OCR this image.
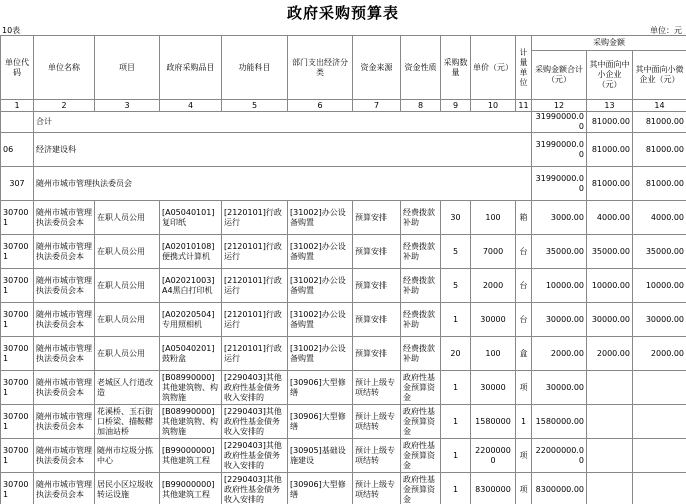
政府采购预算表
10表	单位：元
单位代码	单位名称	项目	政府采购品目	功能科目	部门支出经济分类	资金来源	资金性质	采购数量	单价（元）	计量单位	采购金额		
											采购金额合计（元）	其中面向中小企业（元）	其中面向小微企业（元）
1	2	3	4	5	6	7	8	9	10	11	12	13	14
	合计										31990000.00	81000.00	81000.00
06	经济建设科										31990000.00	81000.00	81000.00
307	随州市城市管理执法委员会										31990000.00	81000.00	81000.00

307001	随州市城市管理执法委员会本	在职人员公用	[A05040101]复印纸	[2120101]行政运行	[31002]办公设备购置	预算安排	经费拨款补助	30	100	箱	3000.00	4000.00	4000.00

307001	随州市城市管理执法委员会本	在职人员公用	[A02010108]便携式计算机	[2120101]行政运行	[31002]办公设备购置	预算安排	经费拨款补助	5	7000	台	35000.00	35000.00	35000.00

307001	随州市城市管理执法委员会本	在职人员公用	[A02021003]A4黑白打印机	[2120101]行政运行	[31002]办公设备购置	预算安排	经费拨款补助	5	2000	台	10000.00	10000.00	10000.00

307001	随州市城市管理执法委员会本	在职人员公用	[A02020504]专用照相机	[2120101]行政运行	[31002]办公设备购置	预算安排	经费拨款补助	1	30000	台	30000.00	30000.00	30000.00

307001	随州市城市管理执法委员会本	在职人员公用	[A05040201]鼓粉盒	[2120101]行政运行	[31002]办公设备购置	预算安排	经费拨款补助	20	100	盒	2000.00	2000.00	2000.00

307001	随州市城市管理执法委员会本	老城区人行道改造	[B08990000]其他建筑物、构筑物施	[2290403]其他政府性基金债务收入安排的	[30906]大型修缮	预计上级专项结转	政府性基金预算资金	1	30000	项	30000.00		

307001	随州市城市管理执法委员会本	花溪桥、玉石街口桥梁、描鞍鞯加油站桥	[B08990000]其他建筑物、构筑物施	[2290403]其他政府性基金债务收入安排的	[30906]大型修缮	预计上级专项结转	政府性基金预算资金	1	1580000	1	1580000.00		

307001	随州市城市管理执法委员会本	随州市垃圾分拣中心	[B99000000]其他建筑工程	[2290403]其他政府性基金债务收入安排的	[30905]基础设施建设	预计上级专项结转	政府性基金预算资金	1	22000000	项	22000000.00		

307001	随州市城市管理执法委员会本	居民小区垃圾收转运设施	[B99000000]其他建筑工程	[2290403]其他政府性基金债务收入安排的	[30906]大型修缮	预计上级专项结转	政府性基金预算资金	1	8300000	项	8300000.00		
